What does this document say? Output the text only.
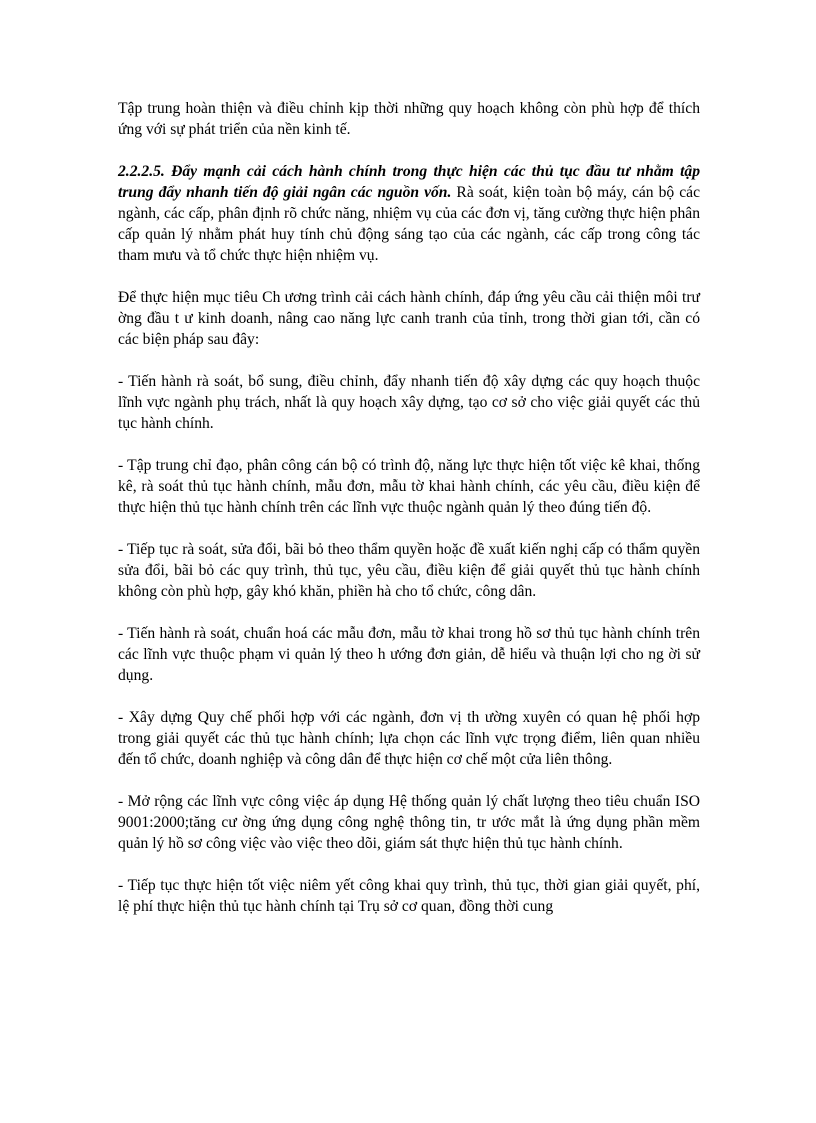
Tập trung hoàn thiện và điều chỉnh kịp thời những quy hoạch không còn phù hợp để thích ứng với sự phát triển của nền kinh tế.

2.2.2.5. Đẩy mạnh cải cách hành chính trong thực hiện các thủ tục đầu tư nhằm tập trung đẩy nhanh tiến độ giải ngân các nguồn vốn. Rà soát, kiện toàn bộ máy, cán bộ các ngành, các cấp, phân định rõ chức năng, nhiệm vụ của các đơn vị, tăng cường thực hiện phân cấp quản lý nhằm phát huy tính chủ động sáng tạo của các ngành, các cấp trong công tác tham mưu và tổ chức thực hiện nhiệm vụ.

Để thực hiện mục tiêu Ch ương trình cải cách hành chính, đáp ứng yêu cầu cải thiện môi trư ờng đầu t ư kinh doanh, nâng cao năng lực canh tranh của tỉnh, trong thời gian tới, cần có các biện pháp sau đây:

- Tiến hành rà soát, bổ sung, điều chỉnh, đẩy nhanh tiến độ xây dựng các quy hoạch thuộc lĩnh vực ngành phụ trách, nhất là quy hoạch xây dựng, tạo cơ sở cho việc giải quyết các thủ tục hành chính.

- Tập trung chỉ đạo, phân công cán bộ có trình độ, năng lực thực hiện tốt việc kê khai, thống kê, rà soát thủ tục hành chính, mẫu đơn, mẫu tờ khai hành chính, các yêu cầu, điều kiện để thực hiện thủ tục hành chính trên các lĩnh vực thuộc ngành quản lý theo đúng tiến độ.

- Tiếp tục rà soát, sửa đổi, bãi bỏ theo thẩm quyền hoặc đề xuất kiến nghị cấp có thẩm quyền sửa đổi, bãi bỏ các quy trình, thủ tục, yêu cầu, điều kiện để giải quyết thủ tục hành chính không còn phù hợp, gây khó khăn, phiền hà cho tổ chức, công dân.

- Tiến hành rà soát, chuẩn hoá các mẫu đơn, mẫu tờ khai trong hồ sơ thủ tục hành chính trên các lĩnh vực thuộc phạm vi quản lý theo h ướng đơn giản, dễ hiểu và thuận lợi cho ng ời sử dụng.

- Xây dựng Quy chế phối hợp với các ngành, đơn vị th ường xuyên có quan hệ phối hợp trong giải quyết các thủ tục hành chính; lựa chọn các lĩnh vực trọng điểm, liên quan nhiều đến tổ chức, doanh nghiệp và công dân để thực hiện cơ chế một cửa liên thông.

- Mở rộng các lĩnh vực công việc áp dụng Hệ thống quản lý chất lượng theo tiêu chuẩn ISO 9001:2000;tăng cư ờng ứng dụng công nghệ thông tin, tr ước mắt là ứng dụng phần mềm quản lý hồ sơ công việc vào việc theo dõi, giám sát thực hiện thủ tục hành chính.

- Tiếp tục thực hiện tốt việc niêm yết công khai quy trình, thủ tục, thời gian giải quyết, phí, lệ phí thực hiện thủ tục hành chính tại Trụ sở cơ quan, đồng thời cung
